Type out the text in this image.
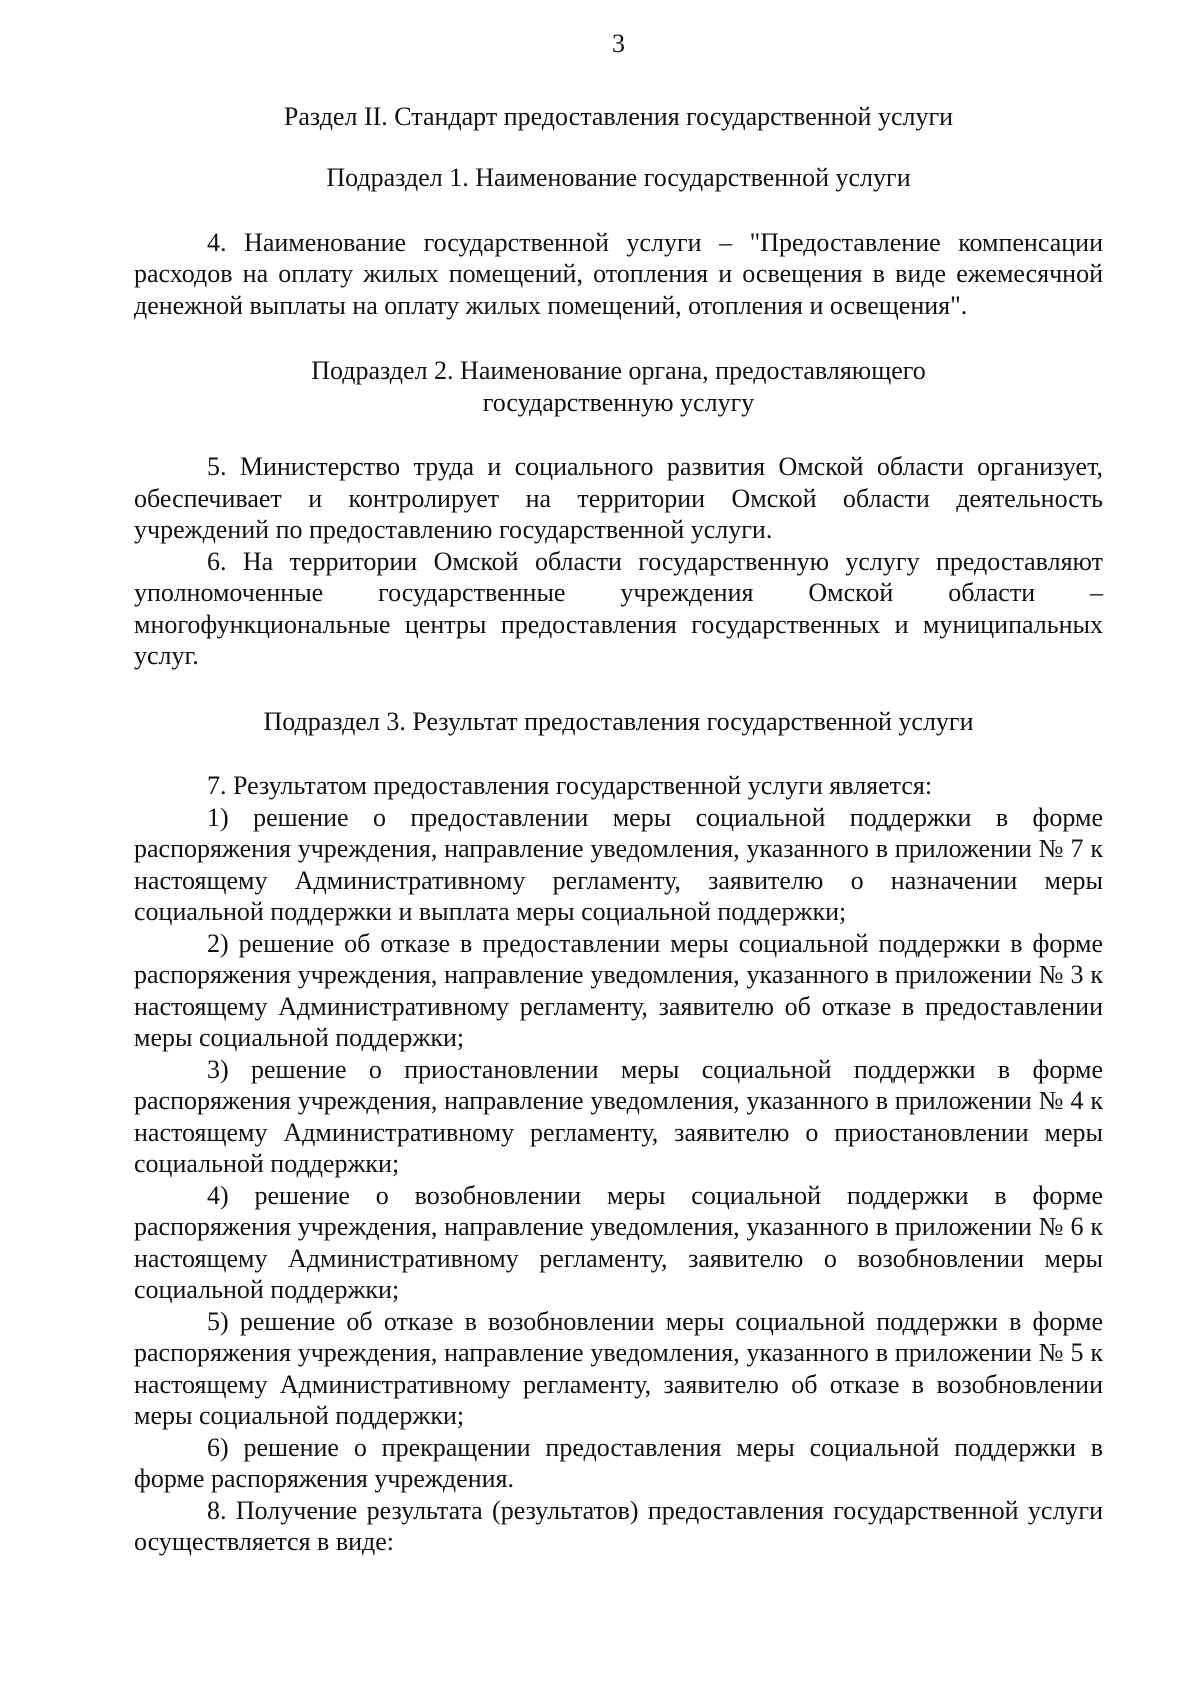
3
Раздел II. Стандарт предоставления государственной услуги
Подраздел 1. Наименование государственной услуги

4. Наименование государственной услуги – "Предоставление компенсации расходов на оплату жилых помещений, отопления и освещения в виде ежемесячной денежной выплаты на оплату жилых помещений, отопления и освещения".

Подраздел 2. Наименование органа, предоставляющего
государственную услугу

5. Министерство труда и социального развития Омской области организует, обеспечивает и контролирует на территории Омской области деятельность учреждений по предоставлению государственной услуги.

6. На территории Омской области государственную услугу предоставляют уполномоченные государственные учреждения Омской области – многофункциональные центры предоставления государственных и муниципальных услуг.

Подраздел 3. Результат предоставления государственной услуги

7. Результатом предоставления государственной услуги является:

1) решение о предоставлении меры социальной поддержки в форме распоряжения учреждения, направление уведомления, указанного в приложении № 7 к настоящему Административному регламенту, заявителю о назначении меры социальной поддержки и выплата меры социальной поддержки;

2) решение об отказе в предоставлении меры социальной поддержки в форме распоряжения учреждения, направление уведомления, указанного в приложении № 3 к настоящему Административному регламенту, заявителю об отказе в предоставлении меры социальной поддержки;

3) решение о приостановлении меры социальной поддержки в форме распоряжения учреждения, направление уведомления, указанного в приложении № 4 к настоящему Административному регламенту, заявителю о приостановлении меры социальной поддержки;

4) решение о возобновлении меры социальной поддержки в форме распоряжения учреждения, направление уведомления, указанного в приложении № 6 к настоящему Административному регламенту, заявителю о возобновлении меры социальной поддержки;

5) решение об отказе в возобновлении меры социальной поддержки в форме распоряжения учреждения, направление уведомления, указанного в приложении № 5 к настоящему Административному регламенту, заявителю об отказе в возобновлении меры социальной поддержки;

6) решение о прекращении предоставления меры социальной поддержки в форме распоряжения учреждения.

8. Получение результата (результатов) предоставления государственной услуги осуществляется в виде:
